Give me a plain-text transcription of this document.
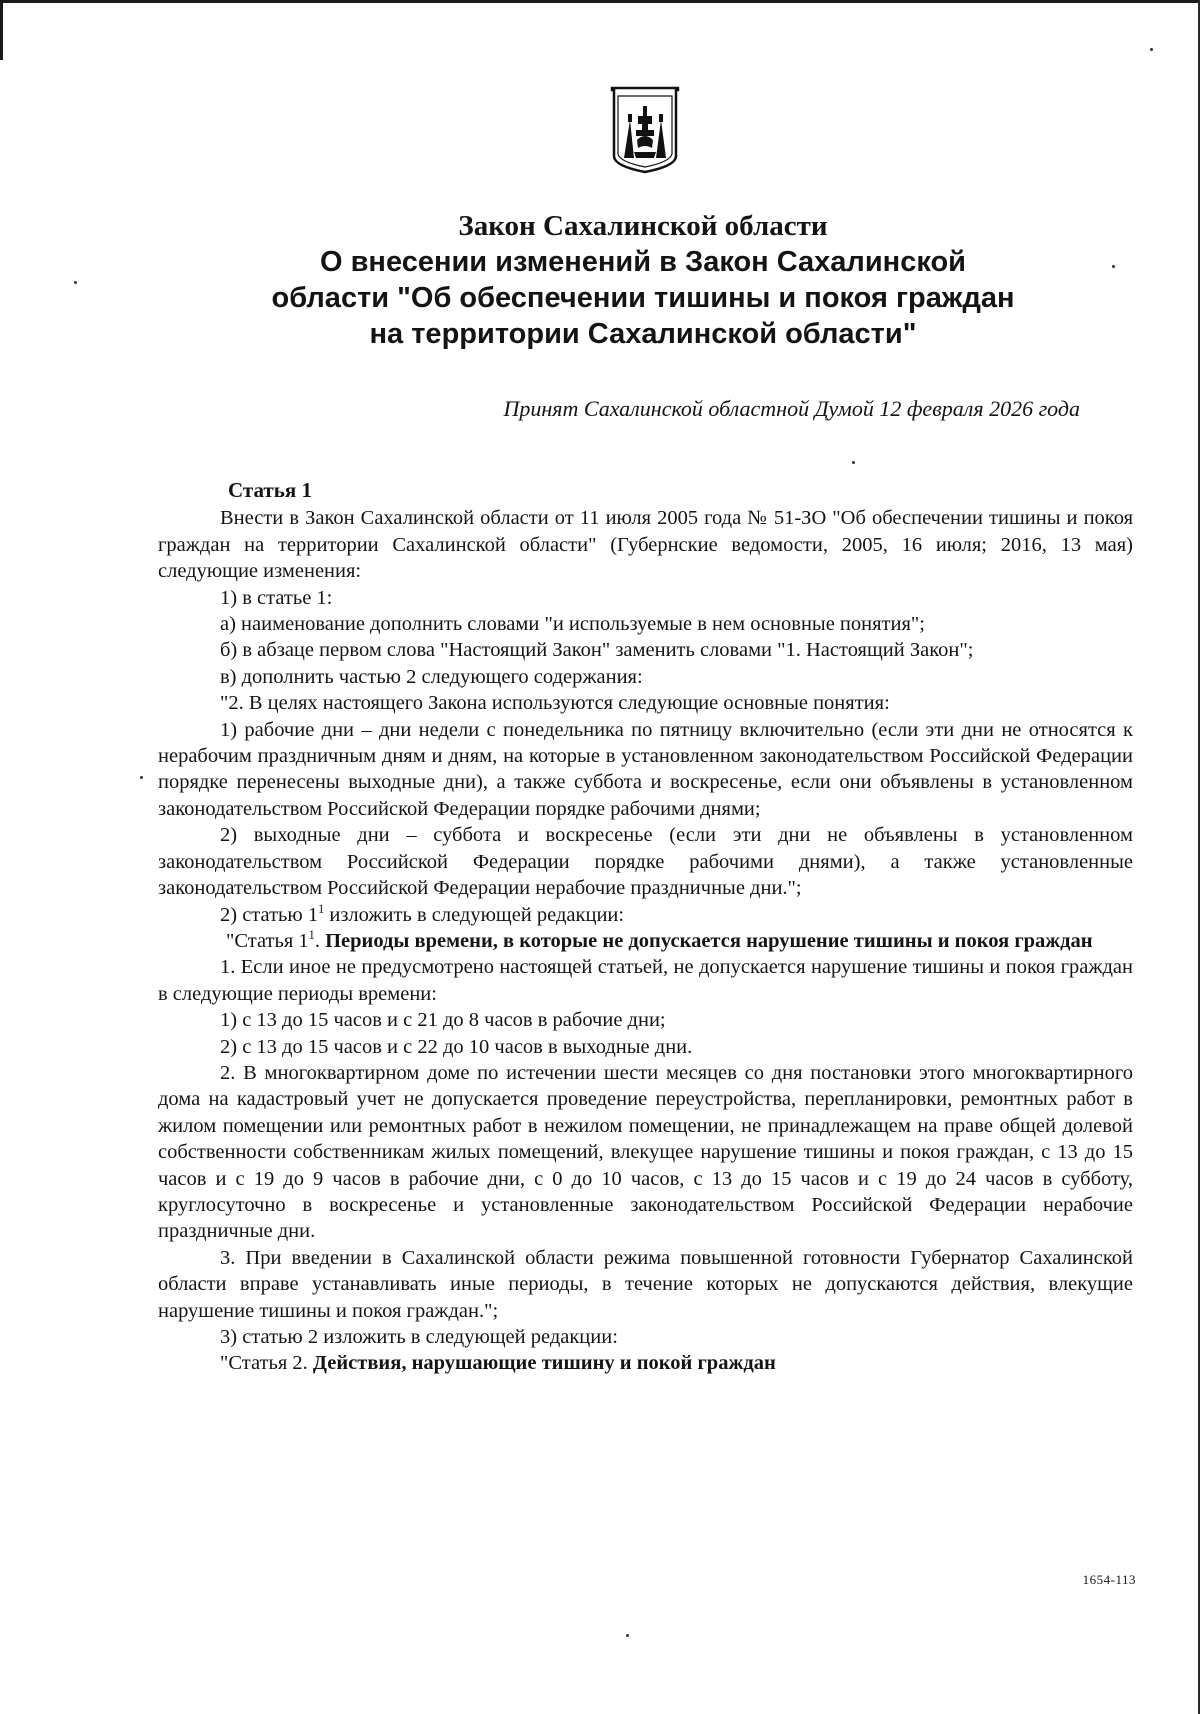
Закон Сахалинской области
О внесении изменений в Закон Сахалинской
области "Об обеспечении тишины и покоя граждан
на территории Сахалинской области"
Принят Сахалинской областной Думой 12 февраля 2026 года

Статья 1

Внести в Закон Сахалинской области от 11 июля 2005 года № 51-ЗО "Об обеспечении тишины и покоя граждан на территории Сахалинской области" (Губернские ведомости, 2005, 16 июля; 2016, 13 мая) следующие изменения:

1) в статье 1:

а) наименование дополнить словами "и используемые в нем основные понятия";

б) в абзаце первом слова "Настоящий Закон" заменить словами "1. Настоящий Закон";

в) дополнить частью 2 следующего содержания:

"2. В целях настоящего Закона используются следующие основные понятия:

1) рабочие дни – дни недели с понедельника по пятницу включительно (если эти дни не относятся к нерабочим праздничным дням и дням, на которые в установленном законодательством Российской Федерации порядке перенесены выходные дни), а также суббота и воскресенье, если они объявлены в установленном законодательством Российской Федерации порядке рабочими днями;

2) выходные дни – суббота и воскресенье (если эти дни не объявлены в установленном законодательством Российской Федерации порядке рабочими днями), а также установленные законодательством Российской Федерации нерабочие праздничные дни.";

2) статью $1^1$ изложить в следующей редакции:

"Статья $1^1$. Периоды времени, в которые не допускается нарушение тишины и покоя граждан

1. Если иное не предусмотрено настоящей статьей, не допускается нарушение тишины и покоя граждан в следующие периоды времени:

1) с 13 до 15 часов и с 21 до 8 часов в рабочие дни;

2) с 13 до 15 часов и с 22 до 10 часов в выходные дни.

2. В многоквартирном доме по истечении шести месяцев со дня постановки этого многоквартирного дома на кадастровый учет не допускается проведение переустройства, перепланировки, ремонтных работ в жилом помещении или ремонтных работ в нежилом помещении, не принадлежащем на праве общей долевой собственности собственникам жилых помещений, влекущее нарушение тишины и покоя граждан, с 13 до 15 часов и с 19 до 9 часов в рабочие дни, с 0 до 10 часов, с 13 до 15 часов и с 19 до 24 часов в субботу, круглосуточно в воскресенье и установленные законодательством Российской Федерации нерабочие праздничные дни.

3. При введении в Сахалинской области режима повышенной готовности Губернатор Сахалинской области вправе устанавливать иные периоды, в течение которых не допускаются действия, влекущие нарушение тишины и покоя граждан.";

3) статью 2 изложить в следующей редакции:

"Статья 2. Действия, нарушающие тишину и покой граждан

1654-113
